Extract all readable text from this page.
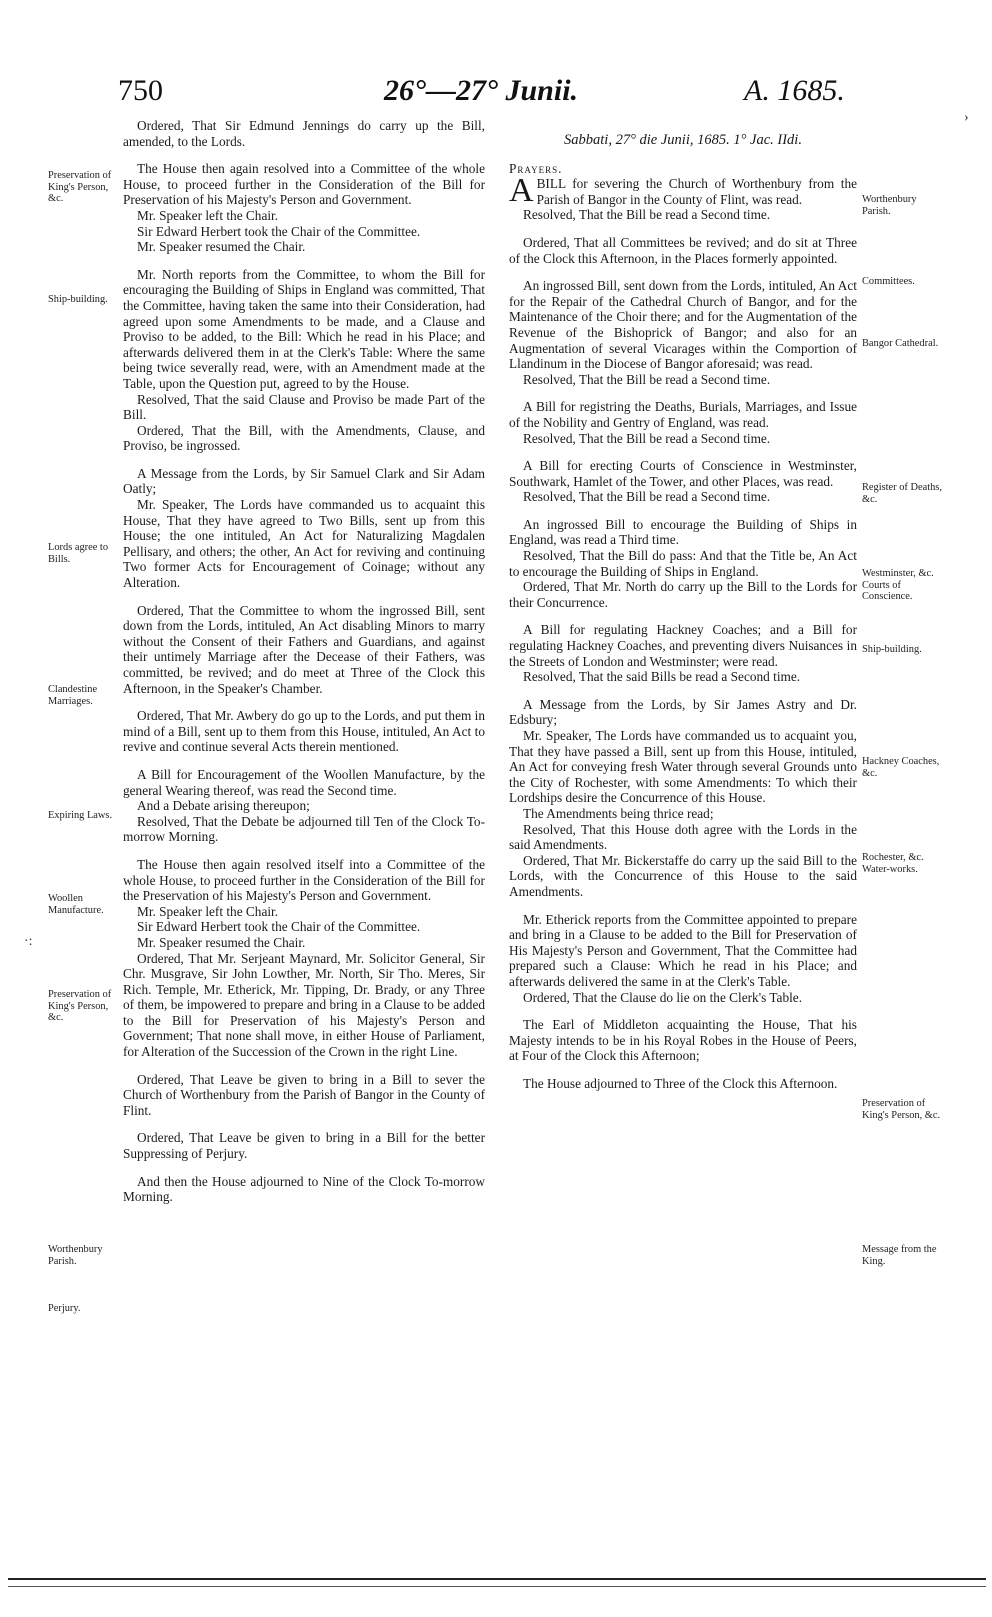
750	26°—27° Junii.	A. 1685.

Ordered, That Sir Edmund Jennings do carry up the Bill, amended, to the Lords.

The House then again resolved into a Committee of the whole House, to proceed further in the Consideration of the Bill for Preservation of his Majesty's Person and Government.

Mr. Speaker left the Chair.

Sir Edward Herbert took the Chair of the Committee.

Mr. Speaker resumed the Chair.

Mr. North reports from the Committee, to whom the Bill for encouraging the Building of Ships in England was committed, That the Committee, having taken the same into their Consideration, had agreed upon some Amendments to be made, and a Clause and Proviso to be added, to the Bill: Which he read in his Place; and afterwards delivered them in at the Clerk's Table: Where the same being twice severally read, were, with an Amendment made at the Table, upon the Question put, agreed to by the House.

Resolved, That the said Clause and Proviso be made Part of the Bill.

Ordered, That the Bill, with the Amendments, Clause, and Proviso, be ingrossed.

A Message from the Lords, by Sir Samuel Clark and Sir Adam Oatly;

Mr. Speaker, The Lords have commanded us to acquaint this House, That they have agreed to Two Bills, sent up from this House; the one intituled, An Act for Naturalizing Magdalen Pellisary, and others; the other, An Act for reviving and continuing Two former Acts for Encouragement of Coinage; without any Alteration.

Ordered, That the Committee to whom the ingrossed Bill, sent down from the Lords, intituled, An Act disabling Minors to marry without the Consent of their Fathers and Guardians, and against their untimely Marriage after the Decease of their Fathers, was committed, be revived; and do meet at Three of the Clock this Afternoon, in the Speaker's Chamber.

Ordered, That Mr. Awbery do go up to the Lords, and put them in mind of a Bill, sent up to them from this House, intituled, An Act to revive and continue several Acts therein mentioned.

A Bill for Encouragement of the Woollen Manufacture, by the general Wearing thereof, was read the Second time.

And a Debate arising thereupon;

Resolved, That the Debate be adjourned till Ten of the Clock To-morrow Morning.

The House then again resolved itself into a Committee of the whole House, to proceed further in the Consideration of the Bill for the Preservation of his Majesty's Person and Government.

Mr. Speaker left the Chair.

Sir Edward Herbert took the Chair of the Committee.

Mr. Speaker resumed the Chair.

Ordered, That Mr. Serjeant Maynard, Mr. Solicitor General, Sir Chr. Musgrave, Sir John Lowther, Mr. North, Sir Tho. Meres, Sir Rich. Temple, Mr. Etherick, Mr. Tipping, Dr. Brady, or any Three of them, be impowered to prepare and bring in a Clause to be added to the Bill for Preservation of his Majesty's Person and Government; That none shall move, in either House of Parliament, for Alteration of the Succession of the Crown in the right Line.

Ordered, That Leave be given to bring in a Bill to sever the Church of Worthenbury from the Parish of Bangor in the County of Flint.

Ordered, That Leave be given to bring in a Bill for the better Suppressing of Perjury.

And then the House adjourned to Nine of the Clock To-morrow Morning.

Preservation of King's Person, &c.
Ship-building.
Lords agree to Bills.
Clandestine Marriages.
Expiring Laws.
Woollen Manufacture.
Preservation of King's Person, &c.
Worthenbury Parish.
Perjury.

Sabbati, 27° die Junii, 1685. 1° Jac. IIdi.

Prayers.

ABILL for severing the Church of Worthenbury from the Parish of Bangor in the County of Flint, was read.

Resolved, That the Bill be read a Second time.

Ordered, That all Committees be revived; and do sit at Three of the Clock this Afternoon, in the Places formerly appointed.

An ingrossed Bill, sent down from the Lords, intituled, An Act for the Repair of the Cathedral Church of Bangor, and for the Maintenance of the Choir there; and for the Augmentation of the Revenue of the Bishoprick of Bangor; and also for an Augmentation of several Vicarages within the Comportion of Llandinum in the Diocese of Bangor aforesaid; was read.

Resolved, That the Bill be read a Second time.

A Bill for registring the Deaths, Burials, Marriages, and Issue of the Nobility and Gentry of England, was read.

Resolved, That the Bill be read a Second time.

A Bill for erecting Courts of Conscience in Westminster, Southwark, Hamlet of the Tower, and other Places, was read.

Resolved, That the Bill be read a Second time.

An ingrossed Bill to encourage the Building of Ships in England, was read a Third time.

Resolved, That the Bill do pass: And that the Title be, An Act to encourage the Building of Ships in England.

Ordered, That Mr. North do carry up the Bill to the Lords for their Concurrence.

A Bill for regulating Hackney Coaches; and a Bill for regulating Hackney Coaches, and preventing divers Nuisances in the Streets of London and Westminster; were read.

Resolved, That the said Bills be read a Second time.

A Message from the Lords, by Sir James Astry and Dr. Edsbury;

Mr. Speaker, The Lords have commanded us to acquaint you, That they have passed a Bill, sent up from this House, intituled, An Act for conveying fresh Water through several Grounds unto the City of Rochester, with some Amendments: To which their Lordships desire the Concurrence of this House.

The Amendments being thrice read;

Resolved, That this House doth agree with the Lords in the said Amendments.

Ordered, That Mr. Bickerstaffe do carry up the said Bill to the Lords, with the Concurrence of this House to the said Amendments.

Mr. Etherick reports from the Committee appointed to prepare and bring in a Clause to be added to the Bill for Preservation of His Majesty's Person and Government, That the Committee had prepared such a Clause: Which he read in his Place; and afterwards delivered the same in at the Clerk's Table.

Ordered, That the Clause do lie on the Clerk's Table.

The Earl of Middleton acquainting the House, That his Majesty intends to be in his Royal Robes in the House of Peers, at Four of the Clock this Afternoon;

The House adjourned to Three of the Clock this Afternoon.

Worthenbury Parish.
Committees.
Bangor Cathedral.
Register of Deaths, &c.
Westminster, &c. Courts of Conscience.
Ship-building.
Hackney Coaches, &c.
Rochester, &c. Water-works.
Preservation of King's Person, &c.
Message from the King.
·:
›
